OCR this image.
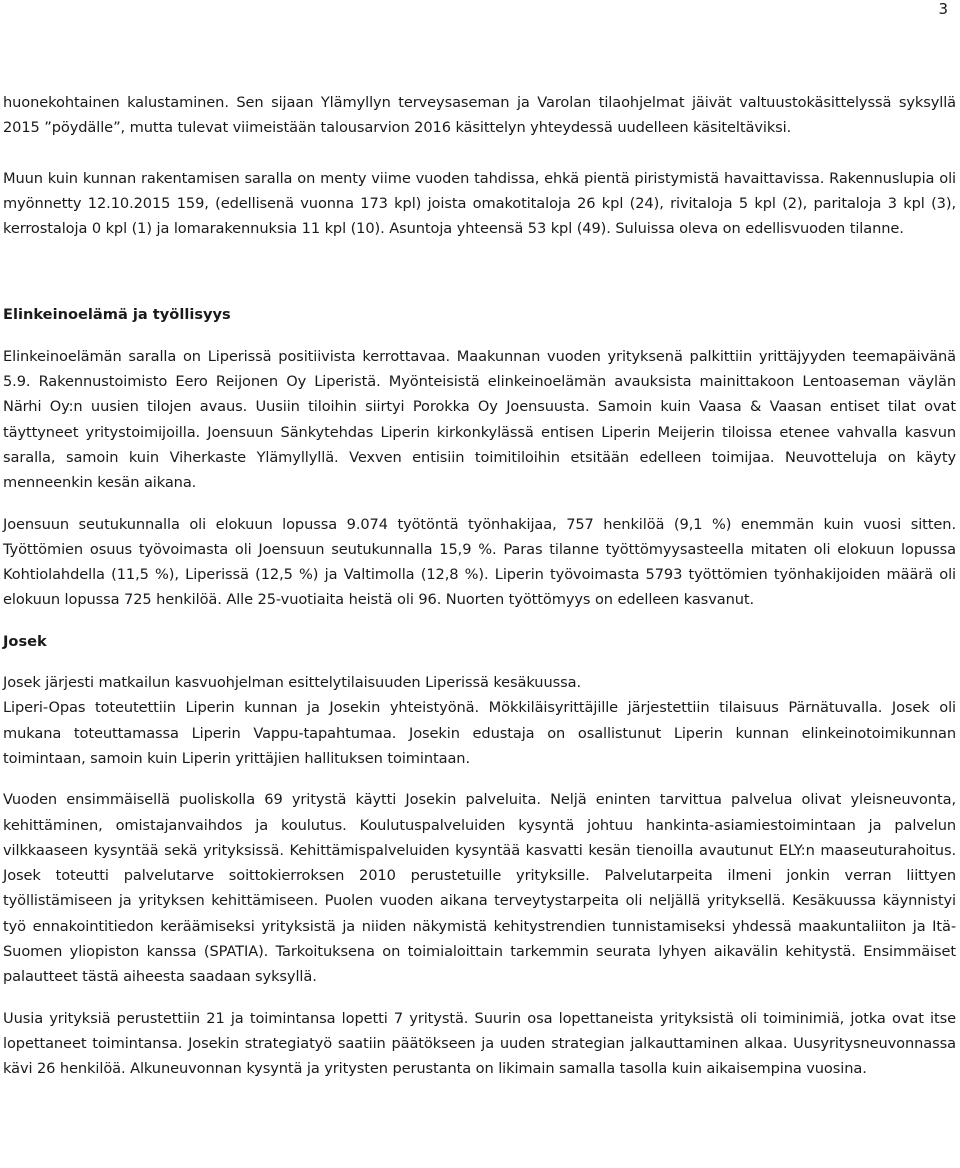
3

huonekohtainen kalustaminen. Sen sijaan Ylämyllyn terveysaseman ja Varolan tilaohjelmat jäivät valtuustokäsittelyssä syksyllä 2015 ”pöydälle”, mutta tulevat viimeistään talousarvion 2016 käsittelyn yhteydessä uudelleen käsiteltäviksi.

Muun kuin kunnan rakentamisen saralla on menty viime vuoden tahdissa, ehkä pientä piristymistä havaittavissa. Rakennuslupia oli myönnetty 12.10.2015 159, (edellisenä vuonna 173 kpl) joista omakotitaloja 26 kpl (24), rivitaloja 5 kpl (2), paritaloja 3 kpl (3), kerrostaloja 0 kpl (1) ja lomarakennuksia 11 kpl (10). Asuntoja yhteensä 53 kpl (49). Suluissa oleva on edellisvuoden tilanne.

Elinkeinoelämä ja työllisyys

Elinkeinoelämän saralla on Liperissä positiivista kerrottavaa. Maakunnan vuoden yrityksenä palkittiin yrittäjyyden teemapäivänä 5.9. Rakennustoimisto Eero Reijonen Oy Liperistä. Myönteisistä elinkeinoelämän avauksista mainittakoon Lentoaseman väylän Närhi Oy:n uusien tilojen avaus. Uusiin tiloihin siirtyi Porokka Oy Joensuusta. Samoin kuin Vaasa & Vaasan entiset tilat ovat täyttyneet yritystoimijoilla. Joensuun Sänkytehdas Liperin kirkonkylässä entisen Liperin Meijerin tiloissa etenee vahvalla kasvun saralla, samoin kuin Viherkaste Ylämyllyllä. Vexven entisiin toimitiloihin etsitään edelleen toimijaa. Neuvotteluja on käyty menneenkin kesän aikana.

Joensuun seutukunnalla oli elokuun lopussa 9.074 työtöntä työnhakijaa, 757 henkilöä (9,1 %) enemmän kuin vuosi sitten. Työttömien osuus työvoimasta oli Joensuun seutukunnalla 15,9 %. Paras tilanne työttömyysasteella mitaten oli elokuun lopussa Kohtiolahdella (11,5 %), Liperissä (12,5 %) ja Valtimolla (12,8 %). Liperin työvoimasta 5793 työttömien työnhakijoiden määrä oli elokuun lopussa 725 henkilöä. Alle 25-vuotiaita heistä oli 96. Nuorten työttömyys on edelleen kasvanut.

Josek

Josek järjesti matkailun kasvuohjelman esittelytilaisuuden Liperissä kesäkuussa.

Liperi-Opas toteutettiin Liperin kunnan ja Josekin yhteistyönä. Mökkiläisyrittäjille järjestettiin tilaisuus Pärnätuvalla. Josek oli mukana toteuttamassa Liperin Vappu-tapahtumaa. Josekin edustaja on osallistunut Liperin kunnan elinkeinotoimikunnan toimintaan, samoin kuin Liperin yrittäjien hallituksen toimintaan.

Vuoden ensimmäisellä puoliskolla 69 yritystä käytti Josekin palveluita. Neljä eninten tarvittua palvelua olivat yleisneuvonta, kehittäminen, omistajanvaihdos ja koulutus. Koulutuspalveluiden kysyntä johtuu hankinta-asiamiestoimintaan ja palvelun vilkkaaseen kysyntää sekä yrityksissä. Kehittämispalveluiden kysyntää kasvatti kesän tienoilla avautunut ELY:n maaseuturahoitus. Josek toteutti palvelutarve soittokierroksen 2010 perustetuille yrityksille. Palvelutarpeita ilmeni jonkin verran liittyen työllistämiseen ja yrityksen kehittämiseen. Puolen vuoden aikana terveytystarpeita oli neljällä yrityksellä. Kesäkuussa käynnistyi työ ennakointitiedon keräämiseksi yrityksistä ja niiden näkymistä kehitystrendien tunnistamiseksi yhdessä maakuntaliiton ja Itä-Suomen yliopiston kanssa (SPATIA). Tarkoituksena on toimialoittain tarkemmin seurata lyhyen aikavälin kehitystä. Ensimmäiset palautteet tästä aiheesta saadaan syksyllä.

Uusia yrityksiä perustettiin 21 ja toimintansa lopetti 7 yritystä. Suurin osa lopettaneista yrityksistä oli toiminimiä, jotka ovat itse lopettaneet toimintansa. Josekin strategiatyö saatiin päätökseen ja uuden strategian jalkauttaminen alkaa. Uusyritysneuvonnassa kävi 26 henkilöä. Alkuneuvonnan kysyntä ja yritysten perustanta on likimain samalla tasolla kuin aikaisempina vuosina.
